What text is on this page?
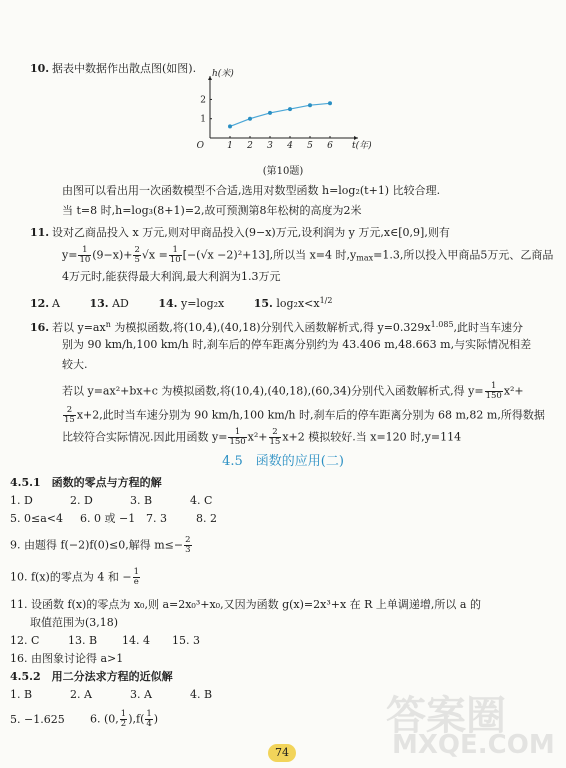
10. 据表中数据作出散点图(如图).
1 2 3 4 5 6
1
2
O
h(米)
t(年)
(第10题)
由图可以看出用一次函数模型不合适,选用对数型函数 h=log₂(t+1) 比较合理.
当 t=8 时,h=log₃(8+1)=2,故可预测第8年松树的高度为2米
11. 设对乙商品投入 x 万元,则对甲商品投入(9−x)万元,设利润为 y 万元,x∈[0,9],则有
$y= \frac{1}{10} (9-x)+ \frac{2}{5} √x = \frac{1}{10} [-(√x -2)^2+13]$,所以当 x=4 时$,y_{max}=1.3$,所以投入甲商品5万元、乙商品
4万元时,能获得最大利润,最大利润为1.3万元
12. A	13. AD	14. y=log₂x	15. $\log_2x<x^{1/2}$
16. 若以 $y=ax^n$ 为模拟函数,将(10,4),(40,18)分别代入函数解析式,得 $y=0.329x^{1.085}$,此时当车速分
别为 90 km/h,100 km/h 时,刹车后的停车距离分别约为 43.406 m,48.663 m,与实际情况相差
较大.
若以 y=ax²+bx+c 为模拟函数,将(10,4),(40,18),(60,34)分别代入函数解析式,得 $y= \frac{1}{150} x^2+$
$\frac{2}{15} x+2$,此时当车速分别为 90 km/h,100 km/h 时,刹车后的停车距离分别为 68 m,82 m,所得数据
比较符合实际情况.因此用函数 $y= \frac{1}{150} x^2+ \frac{2}{15} x+2$ 模拟较好.当 x=120 时,y=114
4.5　函数的应用(二)
4.5.1　函数的零点与方程的解
1. D	2. D	3. B	4. C
5. 0≤a<4 6. 0 或 −1 7. 3	8. 2
9. 由题得 f(−2)f(0)≤0,解得 $m\le- \frac{2}{3}$
10. f(x)的零点为 4 和 − $\frac{1}{e}$
11. 设函数 f(x)的零点为 x₀,则 a=2x₀³+x₀,又因为函数 g(x)=2x³+x 在 R 上单调递增,所以 a 的
取值范围为(3,18)
12. C	13. B 14. 4 15. 3
16. 由图象讨论得 a>1
4.5.2　用二分法求方程的近似解
1. B	2. A	3. A	4. B
5. −1.625 6. (0, $\frac{1}{2} ),f( \frac{1}{4}$ )	答案圈
MXQE.COM
74
